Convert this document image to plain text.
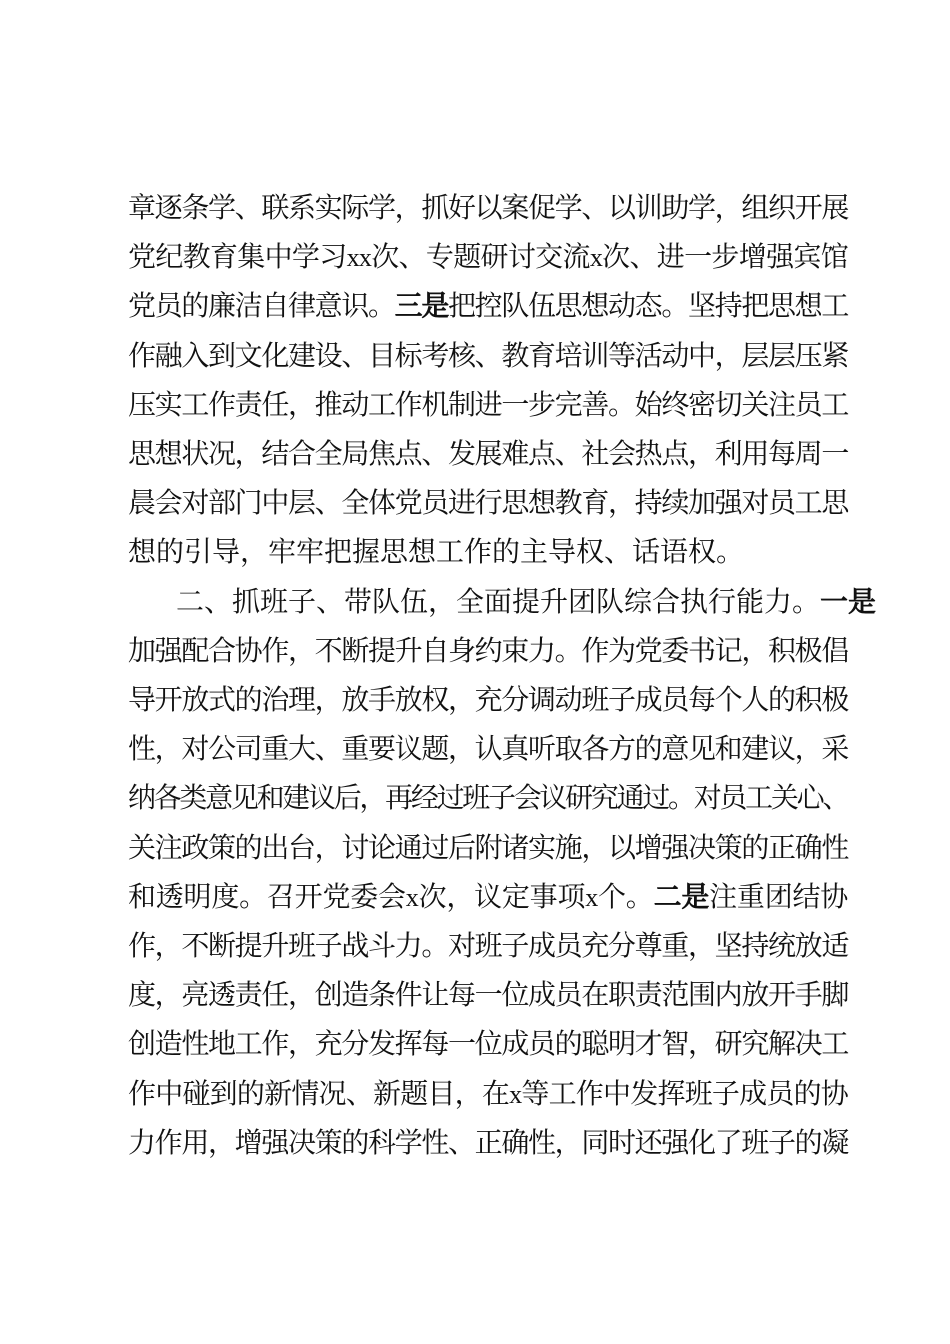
章逐条学、联系实际学，抓好以案促学、以训助学，组织开展
党纪教育集中学习xx次、专题研讨交流x次、进一步增强宾馆
党员的廉洁自律意识。三是把控队伍思想动态。坚持把思想工
作融入到文化建设、目标考核、教育培训等活动中，层层压紧
压实工作责任，推动工作机制进一步完善。始终密切关注员工
思想状况，结合全局焦点、发展难点、社会热点，利用每周一
晨会对部门中层、全体党员进行思想教育，持续加强对员工思
想的引导，牢牢把握思想工作的主导权、话语权。
二、抓班子、带队伍，全面提升团队综合执行能力。一是
加强配合协作，不断提升自身约束力。作为党委书记，积极倡
导开放式的治理，放手放权，充分调动班子成员每个人的积极
性，对公司重大、重要议题，认真听取各方的意见和建议，采
纳各类意见和建议后，再经过班子会议研究通过。对员工关心、
关注政策的出台，讨论通过后附诸实施，以增强决策的正确性
和透明度。召开党委会x次，议定事项x个。二是注重团结协
作，不断提升班子战斗力。对班子成员充分尊重，坚持统放适
度，亮透责任，创造条件让每一位成员在职责范围内放开手脚
创造性地工作，充分发挥每一位成员的聪明才智，研究解决工
作中碰到的新情况、新题目，在x等工作中发挥班子成员的协
力作用，增强决策的科学性、正确性，同时还强化了班子的凝
